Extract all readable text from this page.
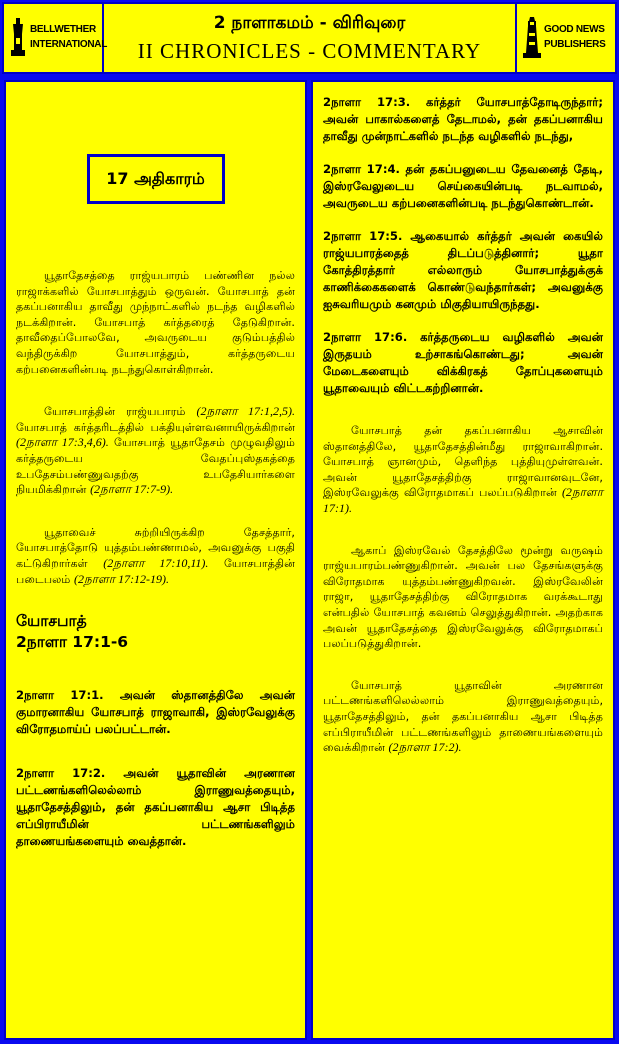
BELLWETHER
INTERNATIONAL
2 நாளாகமம் - விரிவுரை
II CHRONICLES - COMMENTARY
GOOD NEWS
PUBLISHERS
17 அதிகாரம்

யூதாதேசத்தை ராஜ்யபாரம் பண்ணின நல்ல ராஜாக்களில் யோசபாத்தும் ஒருவன். யோசபாத் தன் தகப்பனாகிய தாவீது முந்நாட்களில் நடந்த வழிகளில் நடக்கிறான். யோசபாத் கர்த்தரைத் தேடுகிறான். தாவீதைப்போலவே, அவருடைய குடும்பத்தில் வந்திருக்கிற யோசபாத்தும், கர்த்தருடைய கற்பனைகளின்படி நடந்துகொள்கிறான்.

யோசபாத்தின் ராஜ்யபாரம் (2நாளா 17:1,2,5). யோசபாத் கர்த்தரிடத்தில் பக்தியுள்ளவனாயிருக்கிறான் (2நாளா 17:3,4,6). யோசபாத் யூதாதேசம் முழுவதிலும் கர்த்தருடைய வேதப்புஸ்தகத்தை உபதேசம்பண்ணுவதற்கு உபதேசியார்களை நியமிக்கிறான் (2நாளா 17:7-9).

யூதாவைச் சுற்றியிருக்கிற தேசத்தார், யோசபாத்தோடு யுத்தம்பண்ணாமல், அவனுக்கு பகுதி கட்டுகிறார்கள் (2நாளா 17:10,11). யோசபாத்தின் படைபலம் (2நாளா 17:12-19).

யோசபாத்
2நாளா 17:1-6

2நாளா 17:1. அவன் ஸ்தானத்திலே அவன் குமாரனாகிய யோசபாத் ராஜாவாகி, இஸ்ரவேலுக்கு விரோதமாய்ப் பலப்பட்டான்.

2நாளா 17:2. அவன் யூதாவின் அரணான பட்டணங்களிலெல்லாம் இராணுவத்தையும், யூதாதேசத்திலும், தன் தகப்பனாகிய ஆசா பிடித்த எப்பிராயீமின் பட்டணங்களிலும் தாணையங்களையும் வைத்தான்.

2நாளா 17:3. கர்த்தர் யோசபாத்தோடிருந்தார்; அவன் பாகால்களைத் தேடாமல், தன் தகப்பனாகிய தாவீது முன்நாட்களில் நடந்த வழிகளில் நடந்து,

2நாளா 17:4. தன் தகப்பனுடைய தேவனைத் தேடி, இஸ்ரவேலுடைய செய்கையின்படி நடவாமல், அவருடைய கற்பனைகளின்படி நடந்துகொண்டான்.

2நாளா 17:5. ஆகையால் கர்த்தர் அவன் கையில் ராஜ்யபாரத்தைத் திடப்படுத்தினார்; யூதா கோத்திரத்தார் எல்லாரும் யோசபாத்துக்குக் காணிக்கைகளைக் கொண்டுவந்தார்கள்; அவனுக்கு ஐசுவரியமும் கனமும் மிகுதியாயிருந்தது.

2நாளா 17:6. கர்த்தருடைய வழிகளில் அவன் இருதயம் உற்சாகங்கொண்டது; அவன் மேடைகளையும் விக்கிரகத் தோப்புகளையும் யூதாவையும் விட்டகற்றினான்.

யோசபாத் தன் தகப்பனாகிய ஆசாவின் ஸ்தானத்திலே, யூதாதேசத்தின்மீது ராஜாவாகிறான். யோசபாத் ஞானமும், தெளிந்த புத்தியுமுள்ளவன். அவன் யூதாதேசத்திற்கு ராஜாவானவுடனே, இஸ்ரவேலுக்கு விரோதமாகப் பலப்படுகிறான் (2நாளா 17:1).

ஆகாப் இஸ்ரவேல் தேசத்திலே மூன்று வருஷம் ராஜ்யபாரம்பண்ணுகிறான். அவன் பல தேசங்களுக்கு விரோதமாக யுத்தம்பண்ணுகிறவன். இஸ்ரவேலின் ராஜா, யூதாதேசத்திற்கு விரோதமாக வரக்கூடாது என்பதில் யோசபாத் கவனம் செலுத்துகிறான். அதற்காக அவன் யூதாதேசத்தை இஸ்ரவேலுக்கு விரோதமாகப் பலப்படுத்துகிறான்.

யோசபாத் யூதாவின் அரணான பட்டணங்களிலெல்லாம் இராணுவத்தையும், யூதாதேசத்திலும், தன் தகப்பனாகிய ஆசா பிடித்த எப்பிராயீமின் பட்டணங்களிலும் தாணையங்களையும் வைக்கிறான் (2நாளா 17:2).
